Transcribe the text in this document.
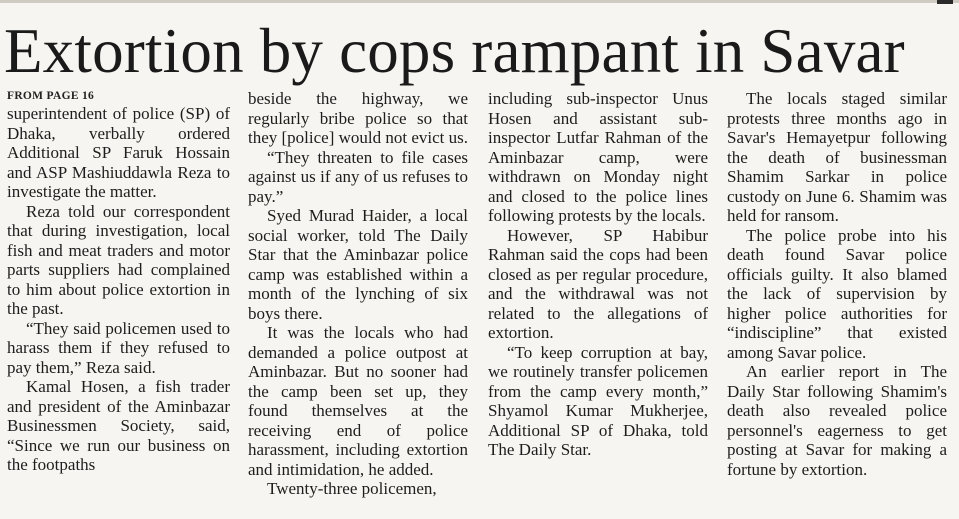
Extortion by cops rampant in Savar
FROM PAGE 16

superintendent of police (SP) of Dhaka, verbally ordered Additional SP Faruk Hossain and ASP Mashiuddawla Reza to investigate the matter.

Reza told our correspondent that during investigation, local fish and meat traders and motor parts suppliers had complained to him about police extortion in the past.

“They said policemen used to harass them if they refused to pay them,” Reza said.

Kamal Hosen, a fish trader and president of the Aminbazar Businessmen Society, said, “Since we run our business on the footpaths

beside the highway, we regularly bribe police so that they [police] would not evict us.

“They threaten to file cases against us if any of us refuses to pay.”

Syed Murad Haider, a local social worker, told The Daily Star that the Aminbazar police camp was established within a month of the lynching of six boys there.

It was the locals who had demanded a police outpost at Aminbazar. But no sooner had the camp been set up, they found themselves at the receiving end of police harassment, including extortion and intimidation, he added.

Twenty-three policemen,

including sub-inspector Unus Hosen and assistant sub-inspector Lutfar Rahman of the Aminbazar camp, were withdrawn on Monday night and closed to the police lines following protests by the locals.

However, SP Habibur Rahman said the cops had been closed as per regular procedure, and the withdrawal was not related to the allegations of extortion.

“To keep corruption at bay, we routinely transfer policemen from the camp every month,” Shyamol Kumar Mukherjee, Additional SP of Dhaka, told The Daily Star.

The locals staged similar protests three months ago in Savar's Hemayetpur following the death of businessman Shamim Sarkar in police custody on June 6. Shamim was held for ransom.

The police probe into his death found Savar police officials guilty. It also blamed the lack of supervision by higher police authorities for “indiscipline” that existed among Savar police.

An earlier report in The Daily Star following Shamim's death also revealed police personnel's eagerness to get posting at Savar for making a fortune by extortion.
